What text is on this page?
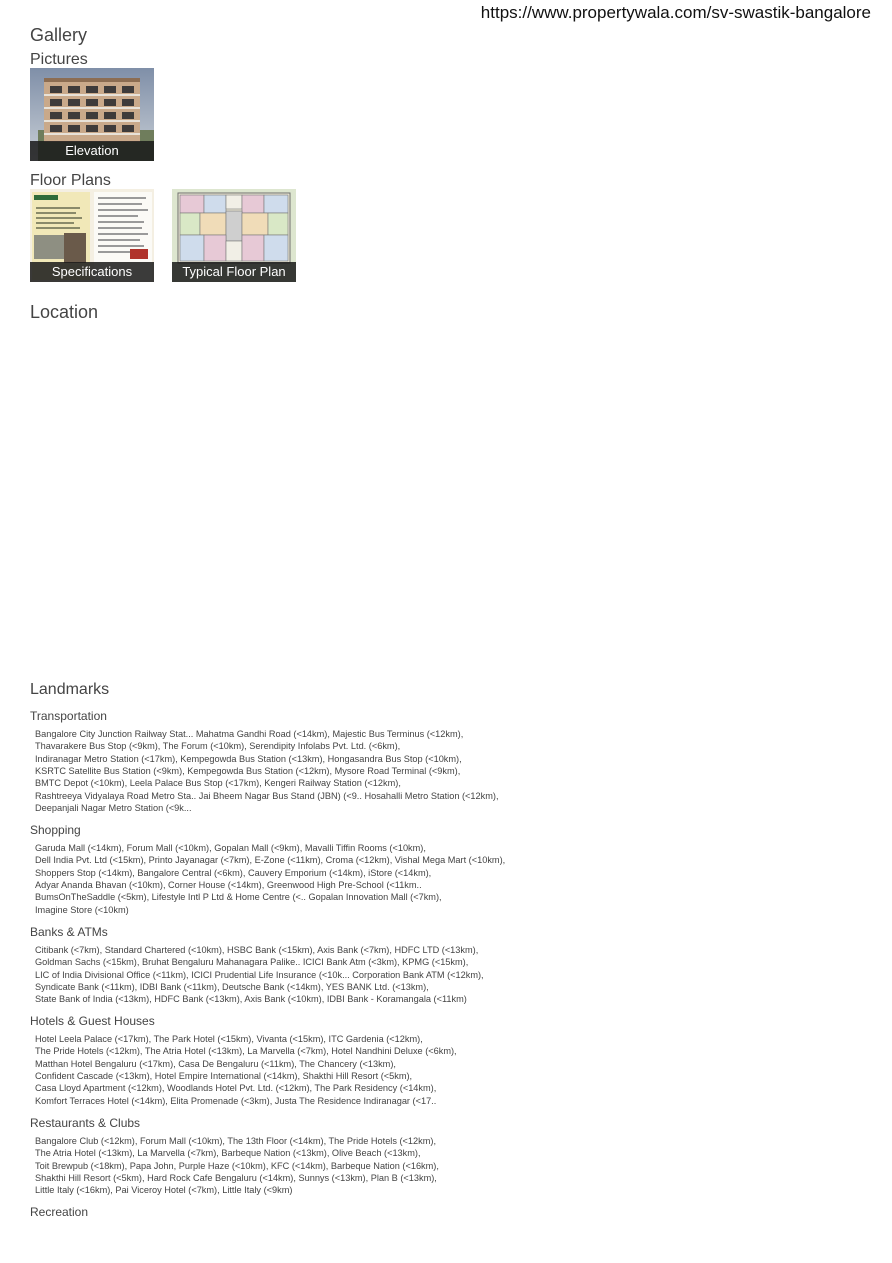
https://www.propertywala.com/sv-swastik-bangalore
Gallery
Pictures
Elevation
Floor Plans
Specifications	Typical Floor Plan
Location
Landmarks
Transportation
Bangalore City Junction Railway Stat... Mahatma Gandhi Road (<14km), Majestic Bus Terminus (<12km),
Thavarakere Bus Stop (<9km), The Forum (<10km), Serendipity Infolabs Pvt. Ltd. (<6km),
Indiranagar Metro Station (<17km), Kempegowda Bus Station (<13km), Hongasandra Bus Stop (<10km),
KSRTC Satellite Bus Station (<9km), Kempegowda Bus Station (<12km), Mysore Road Terminal (<9km),
BMTC Depot (<10km), Leela Palace Bus Stop (<17km), Kengeri Railway Station (<12km),
Rashtreeya Vidyalaya Road Metro Sta.. Jai Bheem Nagar Bus Stand (JBN) (<9.. Hosahalli Metro Station (<12km),
Deepanjali Nagar Metro Station (<9k...
Shopping
Garuda Mall (<14km), Forum Mall (<10km), Gopalan Mall (<9km), Mavalli Tiffin Rooms (<10km),
Dell India Pvt. Ltd (<15km), Printo Jayanagar (<7km), E-Zone (<11km), Croma (<12km), Vishal Mega Mart (<10km),
Shoppers Stop (<14km), Bangalore Central (<6km), Cauvery Emporium (<14km), iStore (<14km),
Adyar Ananda Bhavan (<10km), Corner House (<14km), Greenwood High Pre-School (<11km..
BumsOnTheSaddle (<5km), Lifestyle Intl P Ltd & Home Centre (<.. Gopalan Innovation Mall (<7km),
Imagine Store (<10km)
Banks & ATMs
Citibank (<7km), Standard Chartered (<10km), HSBC Bank (<15km), Axis Bank (<7km), HDFC LTD (<13km),
Goldman Sachs (<15km), Bruhat Bengaluru Mahanagara Palike.. ICICI Bank Atm (<3km), KPMG (<15km),
LIC of India Divisional Office (<11km), ICICI Prudential Life Insurance (<10k... Corporation Bank ATM (<12km),
Syndicate Bank (<11km), IDBI Bank (<11km), Deutsche Bank (<14km), YES BANK Ltd. (<13km),
State Bank of India (<13km), HDFC Bank (<13km), Axis Bank (<10km), IDBI Bank - Koramangala (<11km)
Hotels & Guest Houses
Hotel Leela Palace (<17km), The Park Hotel (<15km), Vivanta (<15km), ITC Gardenia (<12km),
The Pride Hotels (<12km), The Atria Hotel (<13km), La Marvella (<7km), Hotel Nandhini Deluxe (<6km),
Matthan Hotel Bengaluru (<17km), Casa De Bengaluru (<11km), The Chancery (<13km),
Confident Cascade (<13km), Hotel Empire International (<14km), Shakthi Hill Resort (<5km),
Casa Lloyd Apartment (<12km), Woodlands Hotel Pvt. Ltd. (<12km), The Park Residency (<14km),
Komfort Terraces Hotel (<14km), Elita Promenade (<3km), Justa The Residence Indiranagar (<17..
Restaurants & Clubs
Bangalore Club (<12km), Forum Mall (<10km), The 13th Floor (<14km), The Pride Hotels (<12km),
The Atria Hotel (<13km), La Marvella (<7km), Barbeque Nation (<13km), Olive Beach (<13km),
Toit Brewpub (<18km), Papa John, Purple Haze (<10km), KFC (<14km), Barbeque Nation (<16km),
Shakthi Hill Resort (<5km), Hard Rock Cafe Bengaluru (<14km), Sunnys (<13km), Plan B (<13km),
Little Italy (<16km), Pai Viceroy Hotel (<7km), Little Italy (<9km)
Recreation
